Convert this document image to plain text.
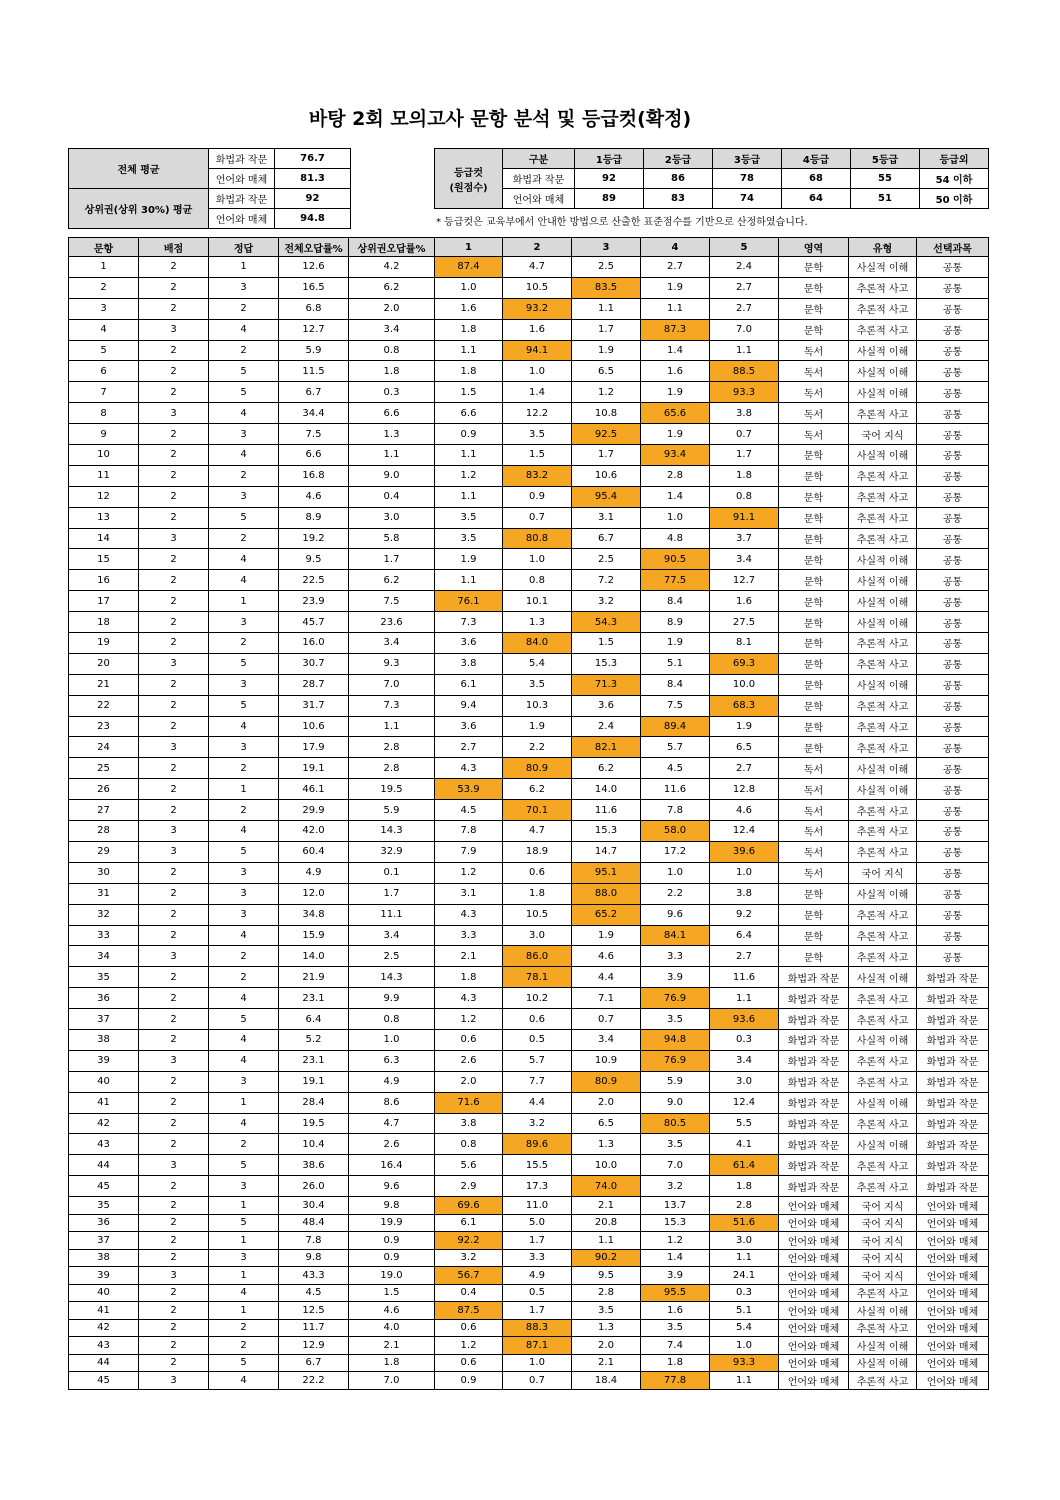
바탕 2회 모의고사 문항 분석 및 등급컷(확정)
전체 평균	화법과 작문	76.7
	언어와 매체	81.3
상위권(상위 30%) 평균	화법과 작문	92
	언어와 매체	94.8
등급컷
(원점수)	구분	1등급	2등급	3등급	4등급	5등급	등급외
	화법과 작문	92	86	78	68	55	54 이하
	언어와 매체	89	83	74	64	51	50 이하
* 등급컷은 교육부에서 안내한 방법으로 산출한 표준점수를 기반으로 산정하였습니다.
문항	배점	정답	전체오답률%	상위권오답률%	1	2	3	4	5	영역	유형	선택과목
1	2	1	12.6	4.2	87.4	4.7	2.5	2.7	2.4	문학	사실적 이해	공통
2	2	3	16.5	6.2	1.0	10.5	83.5	1.9	2.7	문학	추론적 사고	공통
3	2	2	6.8	2.0	1.6	93.2	1.1	1.1	2.7	문학	추론적 사고	공통
4	3	4	12.7	3.4	1.8	1.6	1.7	87.3	7.0	문학	추론적 사고	공통
5	2	2	5.9	0.8	1.1	94.1	1.9	1.4	1.1	독서	사실적 이해	공통
6	2	5	11.5	1.8	1.8	1.0	6.5	1.6	88.5	독서	사실적 이해	공통
7	2	5	6.7	0.3	1.5	1.4	1.2	1.9	93.3	독서	사실적 이해	공통
8	3	4	34.4	6.6	6.6	12.2	10.8	65.6	3.8	독서	추론적 사고	공통
9	2	3	7.5	1.3	0.9	3.5	92.5	1.9	0.7	독서	국어 지식	공통
10	2	4	6.6	1.1	1.1	1.5	1.7	93.4	1.7	문학	사실적 이해	공통
11	2	2	16.8	9.0	1.2	83.2	10.6	2.8	1.8	문학	추론적 사고	공통
12	2	3	4.6	0.4	1.1	0.9	95.4	1.4	0.8	문학	추론적 사고	공통
13	2	5	8.9	3.0	3.5	0.7	3.1	1.0	91.1	문학	추론적 사고	공통
14	3	2	19.2	5.8	3.5	80.8	6.7	4.8	3.7	문학	추론적 사고	공통
15	2	4	9.5	1.7	1.9	1.0	2.5	90.5	3.4	문학	사실적 이해	공통
16	2	4	22.5	6.2	1.1	0.8	7.2	77.5	12.7	문학	사실적 이해	공통
17	2	1	23.9	7.5	76.1	10.1	3.2	8.4	1.6	문학	사실적 이해	공통
18	2	3	45.7	23.6	7.3	1.3	54.3	8.9	27.5	문학	사실적 이해	공통
19	2	2	16.0	3.4	3.6	84.0	1.5	1.9	8.1	문학	추론적 사고	공통
20	3	5	30.7	9.3	3.8	5.4	15.3	5.1	69.3	문학	추론적 사고	공통
21	2	3	28.7	7.0	6.1	3.5	71.3	8.4	10.0	문학	사실적 이해	공통
22	2	5	31.7	7.3	9.4	10.3	3.6	7.5	68.3	문학	추론적 사고	공통
23	2	4	10.6	1.1	3.6	1.9	2.4	89.4	1.9	문학	추론적 사고	공통
24	3	3	17.9	2.8	2.7	2.2	82.1	5.7	6.5	문학	추론적 사고	공통
25	2	2	19.1	2.8	4.3	80.9	6.2	4.5	2.7	독서	사실적 이해	공통
26	2	1	46.1	19.5	53.9	6.2	14.0	11.6	12.8	독서	사실적 이해	공통
27	2	2	29.9	5.9	4.5	70.1	11.6	7.8	4.6	독서	추론적 사고	공통
28	3	4	42.0	14.3	7.8	4.7	15.3	58.0	12.4	독서	추론적 사고	공통
29	3	5	60.4	32.9	7.9	18.9	14.7	17.2	39.6	독서	추론적 사고	공통
30	2	3	4.9	0.1	1.2	0.6	95.1	1.0	1.0	독서	국어 지식	공통
31	2	3	12.0	1.7	3.1	1.8	88.0	2.2	3.8	문학	사실적 이해	공통
32	2	3	34.8	11.1	4.3	10.5	65.2	9.6	9.2	문학	추론적 사고	공통
33	2	4	15.9	3.4	3.3	3.0	1.9	84.1	6.4	문학	추론적 사고	공통
34	3	2	14.0	2.5	2.1	86.0	4.6	3.3	2.7	문학	추론적 사고	공통
35	2	2	21.9	14.3	1.8	78.1	4.4	3.9	11.6	화법과 작문	사실적 이해	화법과 작문
36	2	4	23.1	9.9	4.3	10.2	7.1	76.9	1.1	화법과 작문	추론적 사고	화법과 작문
37	2	5	6.4	0.8	1.2	0.6	0.7	3.5	93.6	화법과 작문	추론적 사고	화법과 작문
38	2	4	5.2	1.0	0.6	0.5	3.4	94.8	0.3	화법과 작문	사실적 이해	화법과 작문
39	3	4	23.1	6.3	2.6	5.7	10.9	76.9	3.4	화법과 작문	추론적 사고	화법과 작문
40	2	3	19.1	4.9	2.0	7.7	80.9	5.9	3.0	화법과 작문	추론적 사고	화법과 작문
41	2	1	28.4	8.6	71.6	4.4	2.0	9.0	12.4	화법과 작문	사실적 이해	화법과 작문
42	2	4	19.5	4.7	3.8	3.2	6.5	80.5	5.5	화법과 작문	추론적 사고	화법과 작문
43	2	2	10.4	2.6	0.8	89.6	1.3	3.5	4.1	화법과 작문	사실적 이해	화법과 작문
44	3	5	38.6	16.4	5.6	15.5	10.0	7.0	61.4	화법과 작문	추론적 사고	화법과 작문
45	2	3	26.0	9.6	2.9	17.3	74.0	3.2	1.8	화법과 작문	추론적 사고	화법과 작문
35	2	1	30.4	9.8	69.6	11.0	2.1	13.7	2.8	언어와 매체	국어 지식	언어와 매체
36	2	5	48.4	19.9	6.1	5.0	20.8	15.3	51.6	언어와 매체	국어 지식	언어와 매체
37	2	1	7.8	0.9	92.2	1.7	1.1	1.2	3.0	언어와 매체	국어 지식	언어와 매체
38	2	3	9.8	0.9	3.2	3.3	90.2	1.4	1.1	언어와 매체	국어 지식	언어와 매체
39	3	1	43.3	19.0	56.7	4.9	9.5	3.9	24.1	언어와 매체	국어 지식	언어와 매체
40	2	4	4.5	1.5	0.4	0.5	2.8	95.5	0.3	언어와 매체	추론적 사고	언어와 매체
41	2	1	12.5	4.6	87.5	1.7	3.5	1.6	5.1	언어와 매체	사실적 이해	언어와 매체
42	2	2	11.7	4.0	0.6	88.3	1.3	3.5	5.4	언어와 매체	추론적 사고	언어와 매체
43	2	2	12.9	2.1	1.2	87.1	2.0	7.4	1.0	언어와 매체	사실적 이해	언어와 매체
44	2	5	6.7	1.8	0.6	1.0	2.1	1.8	93.3	언어와 매체	사실적 이해	언어와 매체
45	3	4	22.2	7.0	0.9	0.7	18.4	77.8	1.1	언어와 매체	추론적 사고	언어와 매체
